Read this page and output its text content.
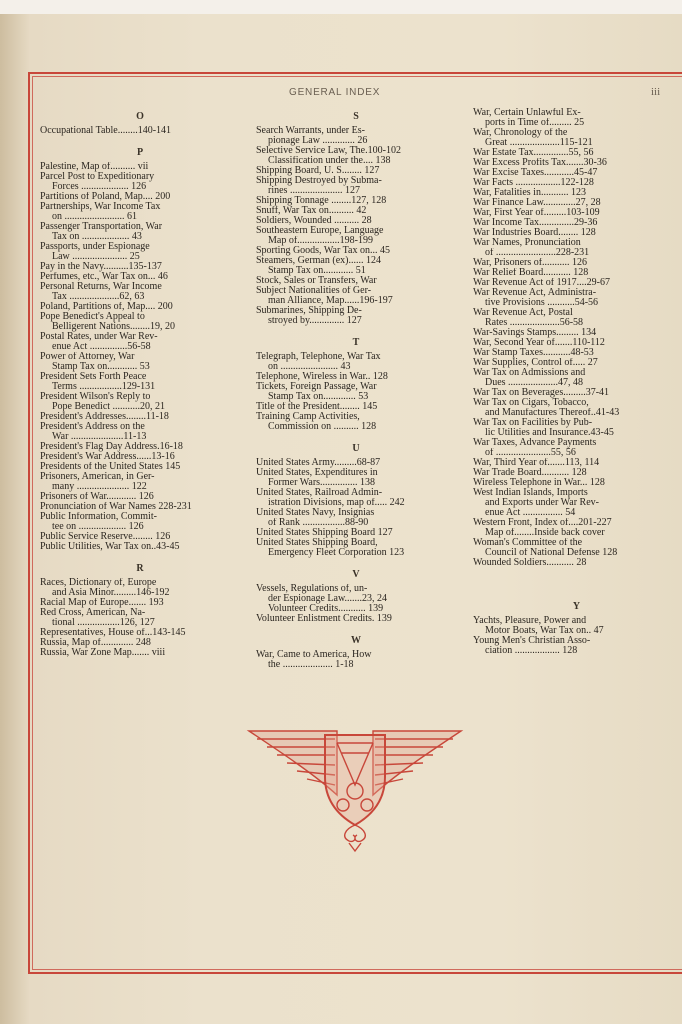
GENERAL INDEX	iii
O
Occupational Table........140-141
P
Palestine, Map of.......... vii
Parcel Post to Expeditionary
Forces ................... 126
Partitions of Poland, Map.... 200
Partnerships, War Income Tax
on ........................ 61
Passenger Transportation, War
Tax on ................... 43
Passports, under Espionage
Law ...................... 25
Pay in the Navy..........135-137
Perfumes, etc., War Tax on... 46
Personal Returns, War Income
Tax ....................62, 63
Poland, Partitions of, Map.... 200
Pope Benedict's Appeal to
Belligerent Nations........19, 20
Postal Rates, under War Rev-
enue Act ...............56-58
Power of Attorney, War
Stamp Tax on............ 53
President Sets Forth Peace
Terms .................129-131
President Wilson's Reply to
Pope Benedict ...........20, 21
President's Addresses........11-18
President's Address on the
War .....................11-13
President's Flag Day Address.16-18
President's War Address......13-16
Presidents of the United States 145
Prisoners, American, in Ger-
many ..................... 122
Prisoners of War............ 126
Pronunciation of War Names 228-231
Public Information, Commit-
tee on ................... 126
Public Service Reserve........ 126
Public Utilities, War Tax on..43-45
R
Races, Dictionary of, Europe
and Asia Minor.........146-192
Racial Map of Europe....... 193
Red Cross, American, Na-
tional .................126, 127
Representatives, House of...143-145
Russia, Map of............. 248
Russia, War Zone Map....... viii
S
Search Warrants, under Es-
pionage Law ............. 26
Selective Service Law, The.100-102
Classification under the.... 138
Shipping Board, U. S........ 127
Shipping Destroyed by Subma-
rines ..................... 127
Shipping Tonnage ........127, 128
Snuff, War Tax on.......... 42
Soldiers, Wounded .......... 28
Southeastern Europe, Language
Map of.................198-199
Sporting Goods, War Tax on... 45
Steamers, German (ex)...... 124
Stamp Tax on............ 51
Stock, Sales or Transfers, War
Subject Nationalities of Ger-
man Alliance, Map......196-197
Submarines, Shipping De-
stroyed by.............. 127
T
Telegraph, Telephone, War Tax
on ....................... 43
Telephone, Wireless in War.. 128
Tickets, Foreign Passage, War
Stamp Tax on............. 53
Title of the President........ 145
Training Camp Activities,
Commission on .......... 128
U
United States Army.........68-87
United States, Expenditures in
Former Wars............... 138
United States, Railroad Admin-
istration Divisions, map of..... 242
United States Navy, Insignias
of Rank .................88-90
United States Shipping Board 127
United States Shipping Board,
Emergency Fleet Corporation 123
V
Vessels, Regulations of, un-
der Espionage Law.......23, 24
Volunteer Credits........... 139
Volunteer Enlistment Credits. 139
W
War, Came to America, How
the .................... 1-18
War, Certain Unlawful Ex-
ports in Time of......... 25
War, Chronology of the
Great ....................115-121
War Estate Tax..............55, 56
War Excess Profits Tax.......30-36
War Excise Taxes............45-47
War Facts ..................122-128
War, Fatalities in........... 123
War Finance Law.............27, 28
War, First Year of.........103-109
War Income Tax..............29-36
War Industries Board........ 128
War Names, Pronunciation
of ........................228-231
War, Prisoners of........... 126
War Relief Board........... 128
War Revenue Act of 1917....29-67
War Revenue Act, Administra-
tive Provisions ...........54-56
War Revenue Act, Postal
Rates ....................56-58
War-Savings Stamps......... 134
War, Second Year of.......110-112
War Stamp Taxes...........48-53
War Supplies, Control of..... 27
War Tax on Admissions and
Dues ....................47, 48
War Tax on Beverages.........37-41
War Tax on Cigars, Tobacco,
and Manufactures Thereof..41-43
War Tax on Facilities by Pub-
lic Utilities and Insurance.43-45
War Taxes, Advance Payments
of ......................55, 56
War, Third Year of.......113, 114
War Trade Board........... 128
Wireless Telephone in War... 128
West Indian Islands, Imports
and Exports under War Rev-
enue Act ................ 54
Western Front, Index of....201-227
Map of........Inside back cover
Woman's Committee of the
Council of National Defense 128
Wounded Soldiers........... 28
Y
Yachts, Pleasure, Power and
Motor Boats, War Tax on.. 47
Young Men's Christian Asso-
ciation .................. 128
